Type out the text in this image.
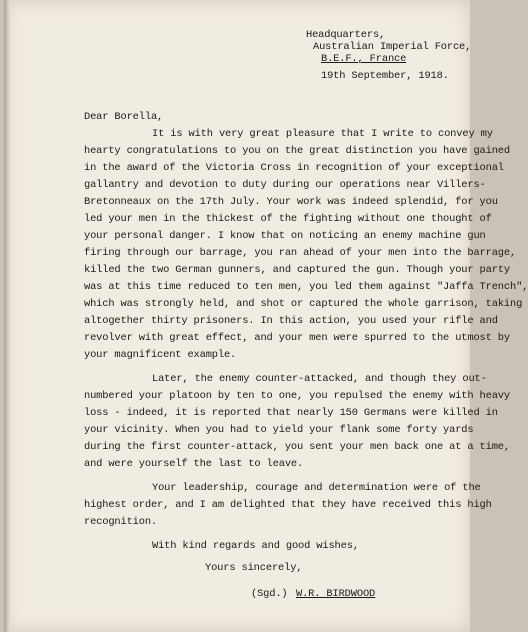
Headquarters,
Australian Imperial Force,
B.E.F., France
19th September, 1918.
Dear Borella,
It is with very great pleasure that I write to convey my
hearty congratulations to you on the great distinction you have gained
in the award of the Victoria Cross in recognition of your exceptional
gallantry and devotion to duty during our operations near Villers-
Bretonneaux on the 17th July. Your work was indeed splendid, for you
led your men in the thickest of the fighting without one thought of
your personal danger. I know that on noticing an enemy machine gun
firing through our barrage, you ran ahead of your men into the barrage,
killed the two German gunners, and captured the gun. Though your party
was at this time reduced to ten men, you led them against "Jaffa Trench",
which was strongly held, and shot or captured the whole garrison, taking
altogether thirty prisoners. In this action, you used your rifle and
revolver with great effect, and your men were spurred to the utmost by
your magnificent example.
Later, the enemy counter-attacked, and though they out-
numbered your platoon by ten to one, you repulsed the enemy with heavy
loss - indeed, it is reported that nearly 150 Germans were killed in
your vicinity. When you had to yield your flank some forty yards
during the first counter-attack, you sent your men back one at a time,
and were yourself the last to leave.
Your leadership, courage and determination were of the
highest order, and I am delighted that they have received this high
recognition.
With kind regards and good wishes,
Yours sincerely,
(Sgd.) W.R. BIRDWOOD
